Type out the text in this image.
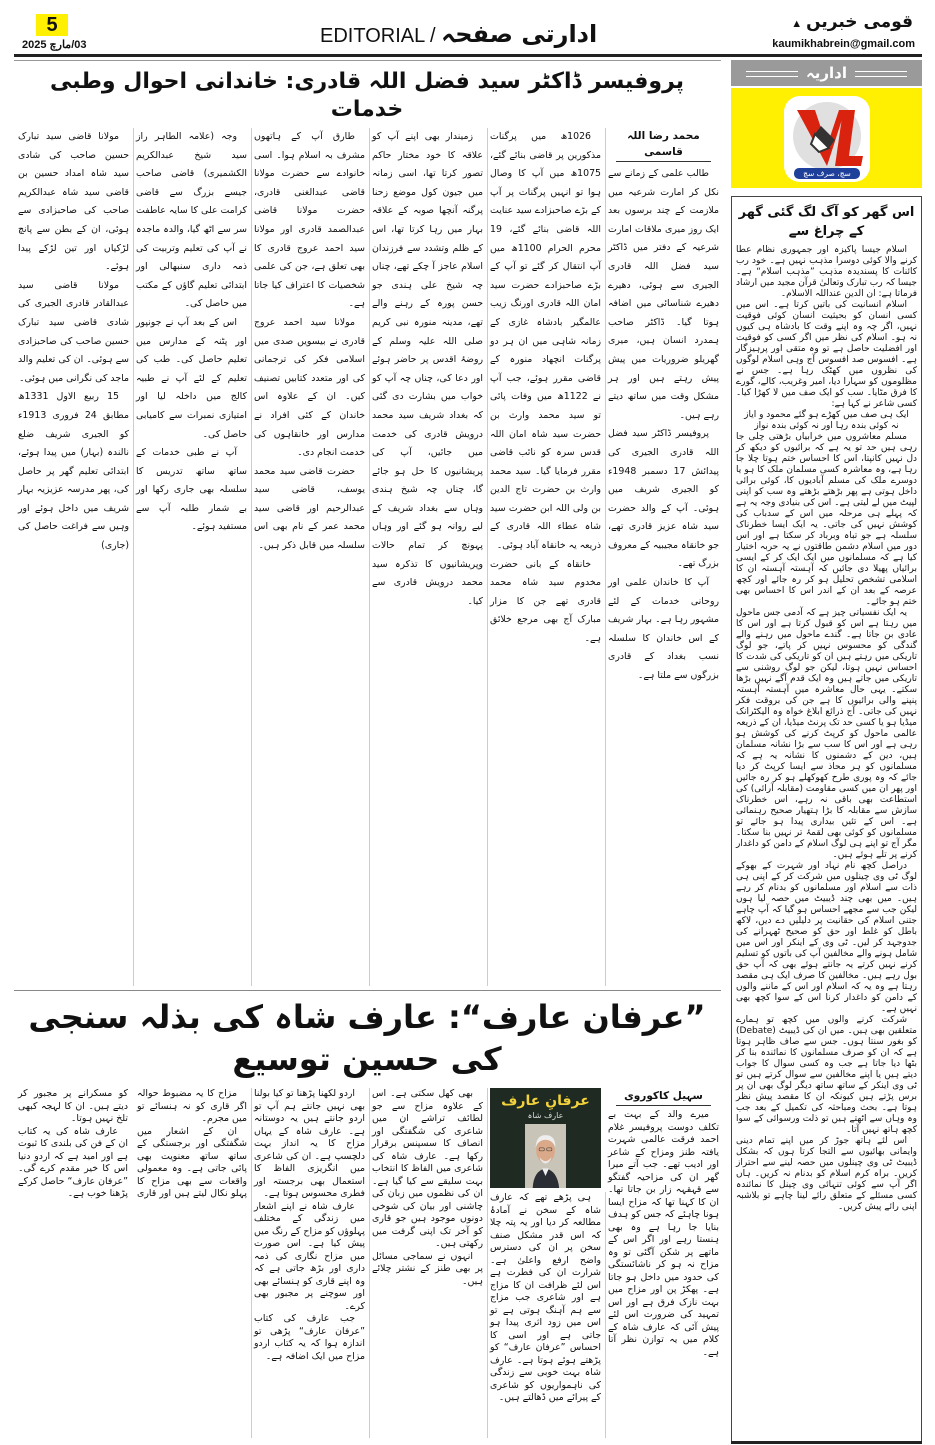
5
03/مارچ 2025	EDITORIAL / ادارتی صفحہ	قومی خبریں▲
kaumikhabrein@gmail.com
پروفیسر ڈاکٹر سید فضل اللہ قادری: خاندانی احوال وطبی خدمات

محمد رضا اللہ قاسمی

طالب علمی کے زمانے سے نکل کر امارت شرعیہ میں ملازمت کے چند برسوں بعد ایک روز میری ملاقات امارت شرعیہ کے دفتر میں ڈاکٹر سید فضل اللہ قادری الجیری سے ہوئی، دھیرے دھیرے شناسائی میں اضافہ ہوتا گیا۔ ڈاکٹر صاحب ہمدرد انسان ہیں، میری گھریلو ضروریات میں پیش پیش رہتے ہیں اور ہر مشکل وقت میں ساتھ دیتے رہے ہیں۔

پروفیسر ڈاکٹر سید فضل اللہ قادری الجیری کی پیدائش 17 دسمبر 1948ء کو الجیری شریف میں ہوئی۔ آپ کے والد حضرت سید شاہ عزیز قادری تھے، جو خانقاہ مجیبیہ کے معروف بزرگ تھے۔

آپ کا خاندان علمی اور روحانی خدمات کے لئے مشہور رہا ہے۔ بہار شریف کے اس خاندان کا سلسلہ نسب بغداد کے قادری بزرگوں سے ملتا ہے۔

1026ھ میں پرگنات مذکورین پر قاضی بنائے گئے، 1075ھ میں آپ کا وصال ہوا تو انہیں پرگنات پر آپ کے بڑے صاحبزادے سید عنایت اللہ قاضی بنائے گئے، 19 محرم الحرام 1100ھ میں آپ انتقال کر گئے تو آپ کے بڑے صاحبزادے حضرت سید امان اللہ قادری اورنگ زیب عالمگیر بادشاہ غازی کے زمانہ شاہی میں ان ہر دو پرگنات انچھاد منورہ کے قاضی مقرر ہوئے، جب آپ نے 1122ھ میں وفات پائی تو سید محمد وارث بن حضرت سید شاہ امان اللہ قدس سرہ کو نائب قاضی مقرر فرمایا گیا۔ سید محمد وارث بن حضرت تاج الدین بن ولی اللہ ابن حضرت سید شاہ عطاء اللہ قادری کے ذریعہ یہ خانقاہ آباد ہوئی۔

خانقاہ کے بانی حضرت مخدوم سید شاہ محمد قادری تھے جن کا مزار مبارک آج بھی مرجع خلائق ہے۔

زمیندار بھی اپنے آپ کو علاقہ کا خود مختار حاکم تصور کرتا تھا، اسی زمانہ میں جیون کول موضع زحنا پرگنہ آنچھا صوبہ کے علاقہ بہار میں رہا کرتا تھا، اس کے ظلم وتشدد سے فرزندان اسلام عاجز آ چکے تھے، چناں چہ شیخ علی ہندی جو حسن پورہ کے رہنے والے تھے، مدینہ منورہ نبی کریم صلی اللہ علیہ وسلم کے روضۂ اقدس پر حاضر ہوئے اور دعا کی، چناں چہ آپ کو خواب میں بشارت دی گئی کہ بغداد شریف سید محمد درویش قادری کی خدمت میں جائیں، آپ کی پریشانیوں کا حل ہو جائے گا، چناں چہ شیخ ہندی وہاں سے بغداد شریف کے لیے روانہ ہو گئے اور وہاں پہونچ کر تمام حالات وپریشانیوں کا تذکرہ سید محمد درویش قادری سے کیا۔

طارق آپ کے ہاتھوں مشرف بہ اسلام ہوا۔ اسی خانوادے سے حضرت مولانا قاضی عبدالغنی قادری، حضرت مولانا قاضی عبدالصمد قادری اور مولانا سید احمد عروج قادری کا بھی تعلق ہے، جن کی علمی شخصیات کا اعتراف کیا جاتا ہے۔

مولانا سید احمد عروج قادری نے بیسویں صدی میں اسلامی فکر کی ترجمانی کی اور متعدد کتابیں تصنیف کیں۔ ان کے علاوہ اس خاندان کے کئی افراد نے مدارس اور خانقاہوں کی خدمت انجام دی۔

حضرت قاضی سید محمد یوسف، قاضی سید عبدالرحیم اور قاضی سید محمد عمر کے نام بھی اس سلسلہ میں قابل ذکر ہیں۔

وجہ (علامہ الطاہر راز سید شیخ عبدالکریم الکشمیری) قاضی صاحب جیسے بزرگ سے قاضی کرامت علی کا سایہ عاطفت سر سے اٹھ گیا، والدہ ماجدہ نے آپ کی تعلیم وتربیت کی ذمہ داری سنبھالی اور ابتدائی تعلیم گاؤں کے مکتب میں حاصل کی۔

اس کے بعد آپ نے جونپور اور پٹنہ کے مدارس میں تعلیم حاصل کی۔ طب کی تعلیم کے لئے آپ نے طبیہ کالج میں داخلہ لیا اور امتیازی نمبرات سے کامیابی حاصل کی۔

آپ نے طبی خدمات کے ساتھ ساتھ تدریس کا سلسلہ بھی جاری رکھا اور بے شمار طلبہ آپ سے مستفید ہوئے۔

مولانا قاضی سید تبارک حسین صاحب کی شادی سید شاہ امداد حسین بن قاضی سید شاہ عبدالکریم صاحب کی صاحبزادی سے ہوئی، ان کے بطن سے پانچ لڑکیاں اور تین لڑکے پیدا ہوئے۔

مولانا قاضی سید عبدالقادر قادری الجیری کی شادی قاضی سید تبارک حسین صاحب کی صاحبزادی سے ہوئی۔ ان کی تعلیم والد ماجد کی نگرانی میں ہوئی۔

15 ربیع الاول 1331ھ مطابق 24 فروری 1913ء کو الجیری شریف ضلع نالندہ (بہار) میں پیدا ہوئے، ابتدائی تعلیم گھر پر حاصل کی، پھر مدرسہ عزیزیہ بہار شریف میں داخل ہوئے اور وہیں سے فراغت حاصل کی (جاری)

”عرفان عارف“: عارف شاہ کی بذلہ سنجی کی حسین توسیع

سہیل کاکوروی

میرے والد کے بہت بے تکلف دوست پروفیسر غلام احمد فرقت عالمی شہرت یافتہ طنز ومزاح کے شاعر اور ادیب تھے۔ جب آتے میرا گھر ان کی مزاحیہ گفتگو سے قہقہہ زار بن جاتا تھا۔ ان کا کہنا تھا کہ مزاح ایسا ہونا چاہئے کہ جس کو ہدف بنایا جا رہا ہے وہ بھی ہنستا رہے اور اگر اس کے ماتھے پر شکن آگئی تو وہ مزاح نہ ہو کر ناشائستگی کی حدود میں داخل ہو جاتا ہے۔ پھکڑ پن اور مزاح میں بہت نازک فرق ہے اور اس تمہید کی ضرورت اس لئے پیش آئی کہ عارف شاہ کے کلام میں یہ توازن نظر آتا ہے۔

ہی پڑھے تھے کہ عارف شاہ کے سخن نے آمادۂ مطالعہ کر دیا اور یہ پتہ چلا کہ اس قدر مشکل صنف سخن پر ان کی دسترس واضح ارفع واعلیٰ ہے۔ شرارت ان کی فطرت ہے اس لئے ظرافت ان کا مزاج ہے اور شاعری جب مزاج سے ہم آہنگ ہوتی ہے تو اس میں زود اثری پیدا ہو جاتی ہے اور اسی کا احساس ”عرفان عارف“ کو پڑھتے ہوئے ہوتا ہے۔ عارف شاہ بہت خوبی سے زندگی کی ناہمواریوں کو شاعری کے پیرائے میں ڈھالتے ہیں۔

بھی کھل سکتی ہے۔ اس کے علاوہ مزاح سے جو لطائف تراشے ان میں شاعری کی شگفتگی اور انصاف کا سسپنس برقرار رکھا ہے۔ عارف شاہ کی شاعری میں الفاظ کا انتخاب بہت سلیقے سے کیا گیا ہے۔ ان کی نظموں میں زبان کی چاشنی اور بیان کی شوخی دونوں موجود ہیں جو قاری کو آخر تک اپنی گرفت میں رکھتی ہیں۔

انہوں نے سماجی مسائل پر بھی طنز کے نشتر چلائے ہیں۔

اردو لکھنا پڑھنا تو کیا بولنا بھی نہیں جانتے ہم آپ تو اردو جانتے ہیں یہ دوستانہ ہے۔ عارف شاہ کے یہاں مزاح کا یہ انداز بہت دلچسپ ہے۔ ان کی شاعری میں انگریزی الفاظ کا استعمال بھی برجستہ اور فطری محسوس ہوتا ہے۔

عارف شاہ نے اپنے اشعار میں زندگی کے مختلف پہلوؤں کو مزاح کے رنگ میں پیش کیا ہے۔ اس صورت میں مزاح نگاری کی ذمہ داری اور بڑھ جاتی ہے کہ وہ اپنے قاری کو ہنسائے بھی اور سوچنے پر مجبور بھی کرے۔

جب عارف کی کتاب ”عرفان عارف“ پڑھی تو اندازہ ہوا کہ یہ کتاب اردو مزاح میں ایک اضافہ ہے۔

مزاح کا یہ مضبوط حوالہ اگر قاری کو نہ ہنسائے تو میں مجرم۔

ان کے اشعار میں شگفتگی اور برجستگی کے ساتھ ساتھ معنویت بھی پائی جاتی ہے۔ وہ معمولی واقعات سے بھی مزاح کا پہلو نکال لیتے ہیں اور قاری کو مسکرانے پر مجبور کر دیتے ہیں۔ ان کا لہجہ کبھی تلخ نہیں ہوتا۔

عارف شاہ کی یہ کتاب ان کے فن کی بلندی کا ثبوت ہے اور امید ہے کہ اردو دنیا اس کا خیر مقدم کرے گی۔ ”عرفان عارف“ حاصل کرکے پڑھنا خوب ہے۔

عرفانِ عارف
عارف شاہ
اداریہ
سچ، صرف سچ
اس گھر کو آگ لگ گئی گھر کے چراغ سے

اسلام جیسا پاکیزہ اور جمہوری نظام عطا کرنے والا کوئی دوسرا مذہب نہیں ہے۔ خود رب کائنات کا پسندیدہ مذہب ”مذہب اسلام“ ہے۔ جیسا کہ رب تبارک وتعالیٰ قرآن مجید میں ارشاد فرماتا ہے: ان الدین عنداللہ الاسلام۔

اسلام انسانیت کی باتیں کرتا ہے۔ اس میں کسی انسان کو بحیثیت انسان کوئی فوقیت نہیں، اگر چہ وہ اپنے وقت کا بادشاہ ہی کیوں نہ ہو۔ اسلام کی نظر میں اگر کسی کو فوقیت اور افضلیت حاصل ہے تو وہ متقی اور پرہیزگار ہے۔ افسوس صد افسوس آج وہی اسلام لوگوں کی نظروں میں کھٹک رہا ہے۔ جس نے مظلوموں کو سہارا دیا، امیر وغریب، کالے، گورے کا فرق مٹایا۔ سب کو ایک صف میں لا کھڑا کیا۔ کسی شاعر نے کہا ہے:

ایک ہی صف میں کھڑے ہو گئے محمود و ایاز

نہ کوئی بندہ رہا اور نہ کوئی بندہ نواز

مسلم معاشروں میں خرابیاں بڑھتی چلی جا رہی ہیں حد تو یہ ہے کہ برائیوں کو دیکھ کر دل نہیں کانپتا، اس کا احساس ختم ہوتا چلا جا رہا ہے، وہ معاشرہ کسی مسلمان ملک کا ہو یا دوسرے ملک کی مسلم آبادیوں کا، کوئی برائی داخل ہوتی ہے پھر بڑھتے بڑھتے وہ سب کو اپنی لپیٹ میں لے لیتی ہے۔ اس کی بنیادی وجہ یہ ہے کہ پہلے ہی مرحلہ میں اس کے سدباب کی کوشش نہیں کی جاتی۔ یہ ایک ایسا خطرناک سلسلہ ہے جو تباہ وبرباد کر سکتا ہے اور اس دور میں اسلام دشمن طاقتوں نے یہ حربہ اختیار کیا ہے کہ مسلمانوں میں ایک ایک کر کے ایسی برائیاں پھیلا دی جائیں کہ آہستہ آہستہ ان کا اسلامی تشخص تحلیل ہو کر رہ جائے اور کچھ عرصہ کے بعد ان کے اندر اس کا احساس بھی ختم ہو جائے۔

یہ ایک نفسیاتی چیز ہے کہ آدمی جس ماحول میں رہتا ہے اس کو قبول کرتا ہے اور اس کا عادی بن جاتا ہے۔ گندے ماحول میں رہنے والے گندگی کو محسوس نہیں کر پاتے، جو لوگ تاریکی میں رہتے ہیں ان کو تاریکی کی شدت کا احساس نہیں ہوتا، لیکن جو لوگ روشنی سے تاریکی میں جاتے ہیں وہ ایک قدم آگے نہیں بڑھا سکتے۔ یہی حال معاشرہ میں آہستہ آہستہ پنپنے والی برائیوں کا ہے جن کی بروقت فکر نہیں کی جاتی۔ آج ذرائع ابلاغ خواہ وہ الیکٹرانک میڈیا ہو یا کسی حد تک پرنٹ میڈیا، ان کے ذریعہ عالمی ماحول کو کرپٹ کرنے کی کوشش ہو رہی ہے اور اس کا سب سے بڑا نشانہ مسلمان ہیں، دین کے دشمنوں کا نشانہ یہ ہے کہ مسلمانوں کو ہر محاذ سے ایسا کرپٹ کر دیا جائے کہ وہ پوری طرح کھوکھلے ہو کر رہ جائیں اور پھر ان میں کسی مقاومت (مقابلہ آرائی) کی استطاعت بھی باقی نہ رہے، اس خطرناک سازش سے مقابلہ کا بڑا ہتھیار صحیح رہنمائی ہے۔ اس کے تئیں بیداری پیدا ہو جائے تو مسلمانوں کو کوئی بھی لقمۂ تر نہیں بنا سکتا۔ مگر آج تو اپنے ہی لوگ اسلام کے دامن کو داغدار کرنے پر تلے ہوئے ہیں۔

دراصل کچھ نام نہاد اور شہرت کے بھوکے لوگ ٹی وی چینلوں میں شرکت کر کے اپنی ہی ذات سے اسلام اور مسلمانوں کو بدنام کر رہے ہیں۔ میں بھی چند ڈیبیٹ میں حصہ لیا ہوں لیکن جب سے مجھے احساس ہو گیا کہ آپ چاہے جتنی اسلام کی حقانیت پر دلیلیں دے دیں، لاکھ باطل کو غلط اور حق کو صحیح ٹھہرانے کی جدوجہد کر لیں۔ ٹی وی کے اینکر اور اس میں شامل ہونے والے مخالفین آپ کی باتوں کو تسلیم کرنے نہیں کرتے یہ جانتے ہوئے بھی کہ آپ حق بول رہے ہیں۔ مخالفین کا صرف ایک ہی مقصد رہتا ہے وہ یہ کہ اسلام اور اس کے ماننے والوں کے دامن کو داغدار کرنا اس کے سوا کچھ بھی نہیں ہے۔

شرکت کرنے والوں میں کچھ تو ہمارے متعلقین بھی ہیں۔ میں ان کی ڈیبیٹ (Debate) کو بغور سنتا ہوں۔ جس سے صاف ظاہر ہوتا ہے کہ ان کو صرف مسلمانوں کا نمائندہ بنا کر بٹھا دیا جاتا ہے جب وہ کسی سوال کا جواب دیتے ہیں یا اپنے مخالفین سے سوال کرتے ہیں تو ٹی وی اینکر کے ساتھ ساتھ دیگر لوگ بھی ان پر برس پڑتے ہیں کیونکہ ان کا مقصد پیش نظر ہوتا ہے۔ بحث ومباحثہ کی تکمیل کے بعد جب وہ وہاں سے اٹھتے ہیں تو ذلت ورسوائی کے سوا کچھ ہاتھ نہیں آتا۔

اس لئے ہاتھ جوڑ کر میں اپنے تمام دینی وایمانی بھائیوں سے التجا کرتا ہوں کہ بشکل ڈیبیٹ ٹی وی چینلوں میں حصہ لینے سے احتراز کریں۔ براہ کرم اسلام کو بدنام نہ کریں۔ ہاں اگر آپ سے کوئی تنہائی وی چینل کا نمائندہ کسی مسئلے کے متعلق رائے لینا چاہے تو بلاشبہ اپنی رائے پیش کریں۔
